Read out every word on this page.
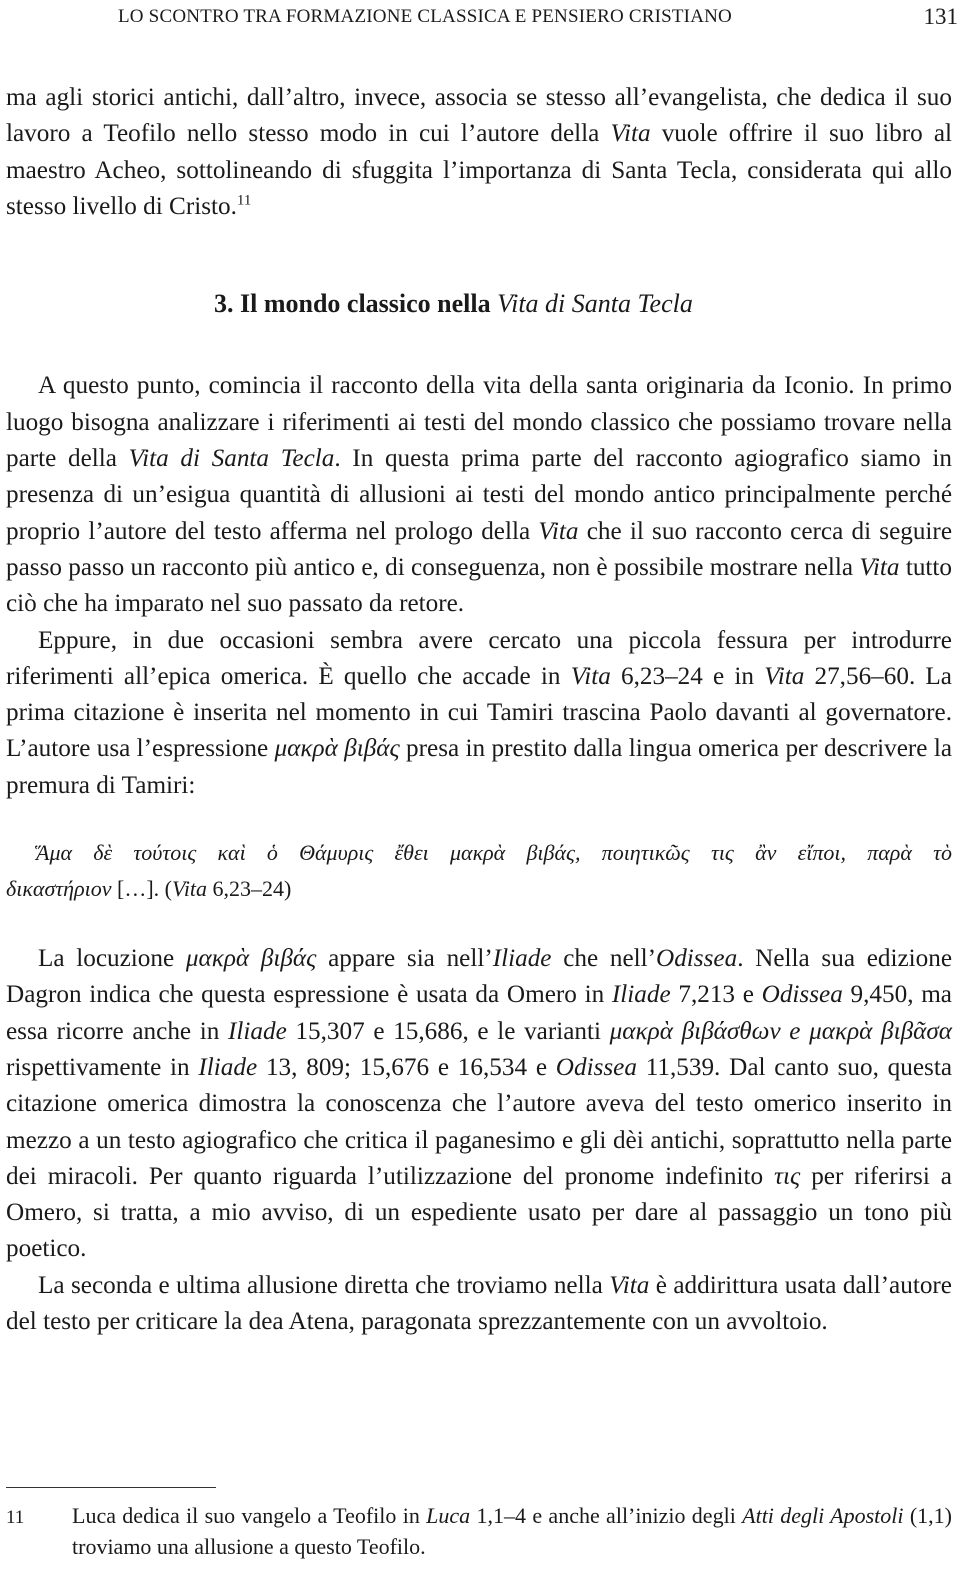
LO SCONTRO TRA FORMAZIONE CLASSICA E PENSIERO CRISTIANO	131

ma agli storici antichi, dall’altro, invece, associa se stesso all’evangelista, che dedica il suo lavoro a Teofilo nello stesso modo in cui l’autore della Vita vuole offrire il suo libro al maestro Acheo, sottolineando di sfuggita l’importanza di Santa Tecla, considerata qui allo stesso livello di Cristo.$^{11}$

3. Il mondo classico nella Vita di Santa Tecla

A questo punto, comincia il racconto della vita della santa originaria da Iconio. In primo luogo bisogna analizzare i riferimenti ai testi del mondo classico che possiamo trovare nella parte della Vita di Santa Tecla. In questa prima parte del racconto agiografico siamo in presenza di un’esigua quantità di allusioni ai testi del mondo antico principalmente perché proprio l’autore del testo afferma nel prologo della Vita che il suo racconto cerca di seguire passo passo un racconto più antico e, di conseguenza, non è possibile mostrare nella Vita tutto ciò che ha imparato nel suo passato da retore.

Eppure, in due occasioni sembra avere cercato una piccola fessura per introdurre riferimenti all’epica omerica. È quello che accade in Vita 6,23–24 e in Vita 27,56–60. La prima citazione è inserita nel momento in cui Tamiri trascina Paolo davanti al governatore. L’autore usa l’espressione μακρὰ βιβάς presa in prestito dalla lingua omerica per descrivere la premura di Tamiri:

Ἅμα δὲ τούτοις καὶ ὁ Θάμυρις ἔθει μακρὰ βιβάς, ποιητικῶς τις ἂν εἴποι, παρὰ τὸ
δικαστήριον […]. (Vita 6,23–24)

La locuzione μακρὰ βιβάς appare sia nell’Iliade che nell’Odissea. Nella sua edizione Dagron indica che questa espressione è usata da Omero in Iliade 7,213 e Odissea 9,450, ma essa ricorre anche in Iliade 15,307 e 15,686, e le varianti μακρὰ βιβάσθων e μακρὰ βιβᾶσα rispettivamente in Iliade 13, 809; 15,676 e 16,534 e Odissea 11,539. Dal canto suo, questa citazione omerica dimostra la conoscenza che l’autore aveva del testo omerico inserito in mezzo a un testo agiografico che critica il paganesimo e gli dèi antichi, soprattutto nella parte dei miracoli. Per quanto riguarda l’utilizzazione del pronome indefinito τις per riferirsi a Omero, si tratta, a mio avviso, di un espediente usato per dare al passaggio un tono più poetico.

La seconda e ultima allusione diretta che troviamo nella Vita è addirittura usata dall’autore del testo per criticare la dea Atena, paragonata sprezzantemente con un avvoltoio.

11 Luca dedica il suo vangelo a Teofilo in Luca 1,1–4 e anche all’inizio degli Atti degli Apostoli (1,1) troviamo una allusione a questo Teofilo.
